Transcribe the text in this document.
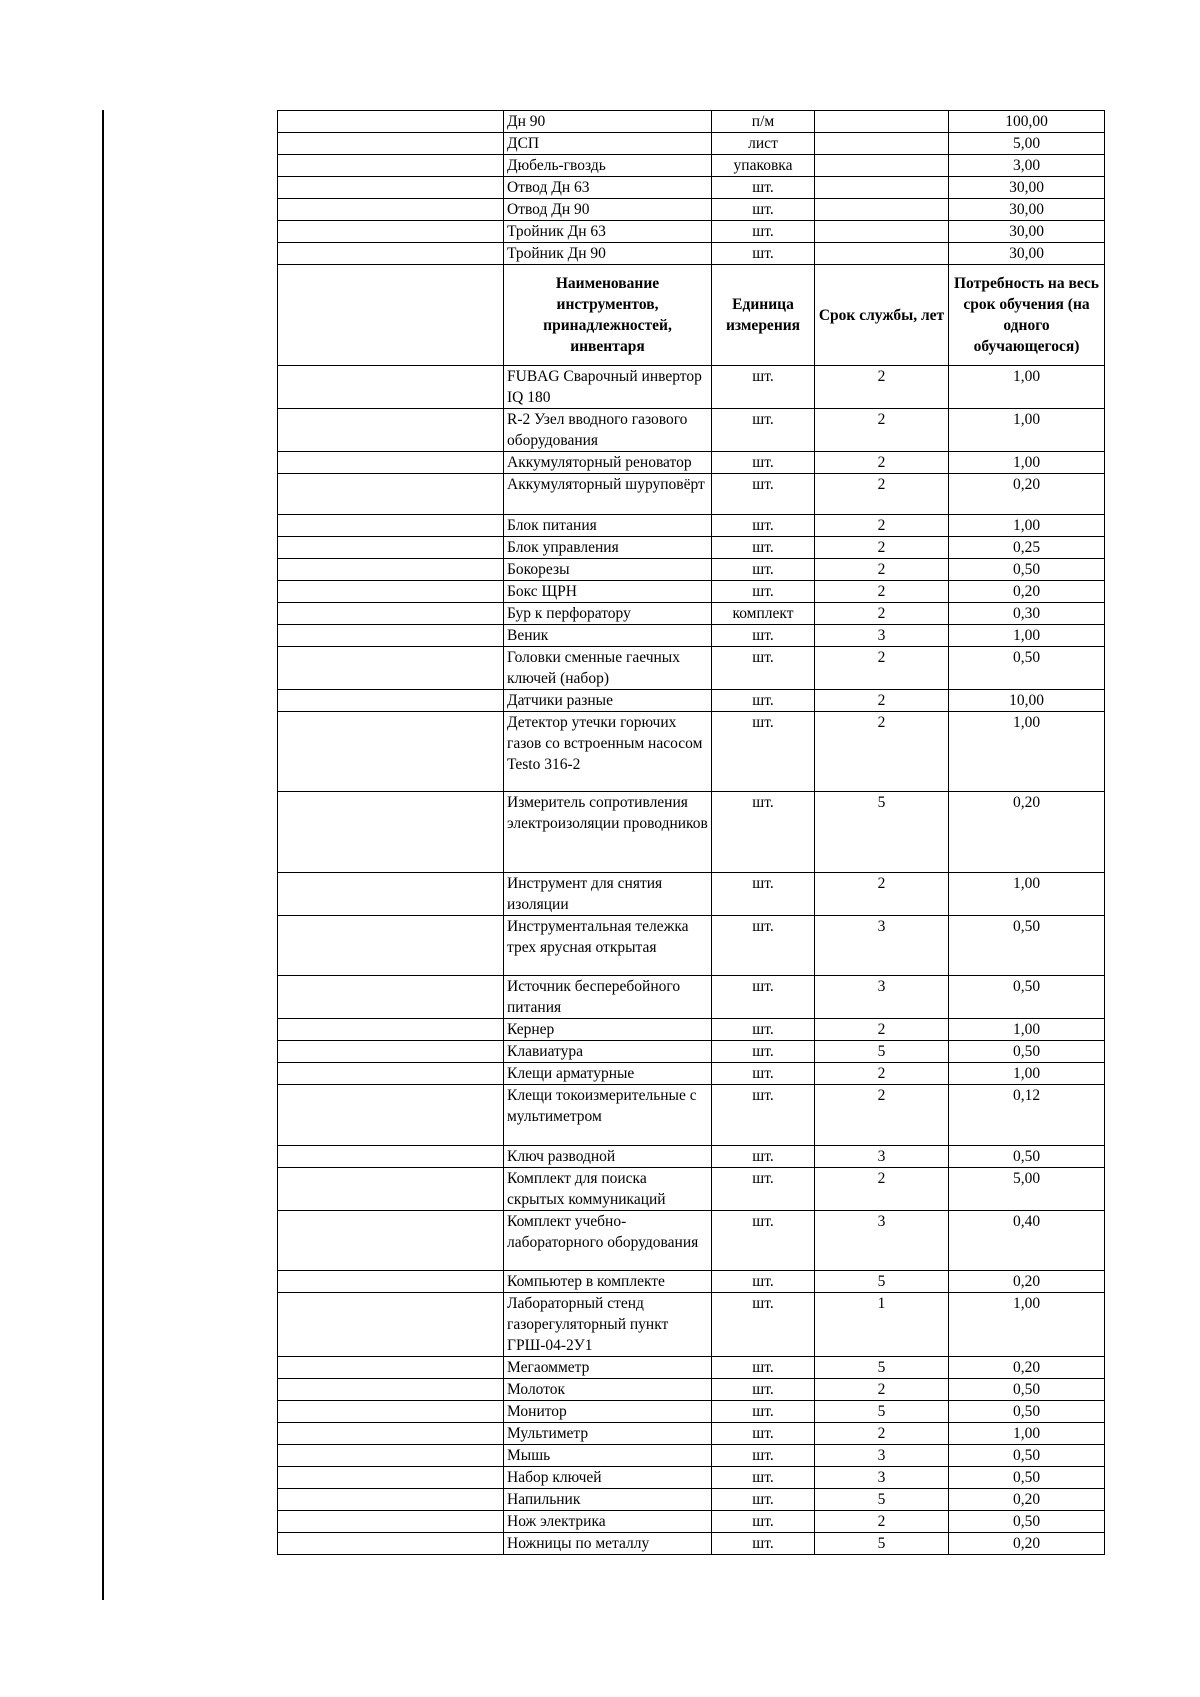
	Дн 90	п/м		100,00
	ДСП	лист		5,00
	Дюбель-гвоздь	упаковка		3,00
	Отвод Дн 63	шт.		30,00
	Отвод Дн 90	шт.		30,00
	Тройник Дн 63	шт.		30,00
	Тройник Дн 90	шт.		30,00
	Наименование инструментов, принадлежностей, инвентаря	Единица измерения	Срок службы, лет	Потребность на весь срок обучения (на одного обучающегося)
	FUBAG Сварочный инвертор IQ 180	шт.	2	1,00
	R-2 Узел вводного газового оборудования	шт.	2	1,00
	Аккумуляторный реноватор	шт.	2	1,00
	Аккумуляторный шуруповёрт	шт.	2	0,20
	Блок питания	шт.	2	1,00
	Блок управления	шт.	2	0,25
	Бокорезы	шт.	2	0,50
	Бокс ЩРН	шт.	2	0,20
	Бур к перфоратору	комплект	2	0,30
	Веник	шт.	3	1,00
	Головки сменные гаечных ключей (набор)	шт.	2	0,50
	Датчики разные	шт.	2	10,00
	Детектор утечки горючих газов со встроенным насосом Testo 316-2	шт.	2	1,00
	Измеритель сопротивления электроизоляции проводников	шт.	5	0,20
	Инструмент для снятия изоляции	шт.	2	1,00
	Инструментальная тележка трех ярусная открытая	шт.	3	0,50
	Источник бесперебойного питания	шт.	3	0,50
	Кернер	шт.	2	1,00
	Клавиатура	шт.	5	0,50
	Клещи арматурные	шт.	2	1,00
	Клещи токоизмерительные с мультиметром	шт.	2	0,12
	Ключ разводной	шт.	3	0,50
	Комплект для поиска скрытых коммуникаций	шт.	2	5,00
	Комплект учебно-лабораторного оборудования	шт.	3	0,40
	Компьютер в комплекте	шт.	5	0,20
	Лабораторный стенд газорегуляторный пункт ГРШ-04-2У1	шт.	1	1,00
	Мегаомметр	шт.	5	0,20
	Молоток	шт.	2	0,50
	Монитор	шт.	5	0,50
	Мультиметр	шт.	2	1,00
	Мышь	шт.	3	0,50
	Набор ключей	шт.	3	0,50
	Напильник	шт.	5	0,20
	Нож электрика	шт.	2	0,50
	Ножницы по металлу	шт.	5	0,20
